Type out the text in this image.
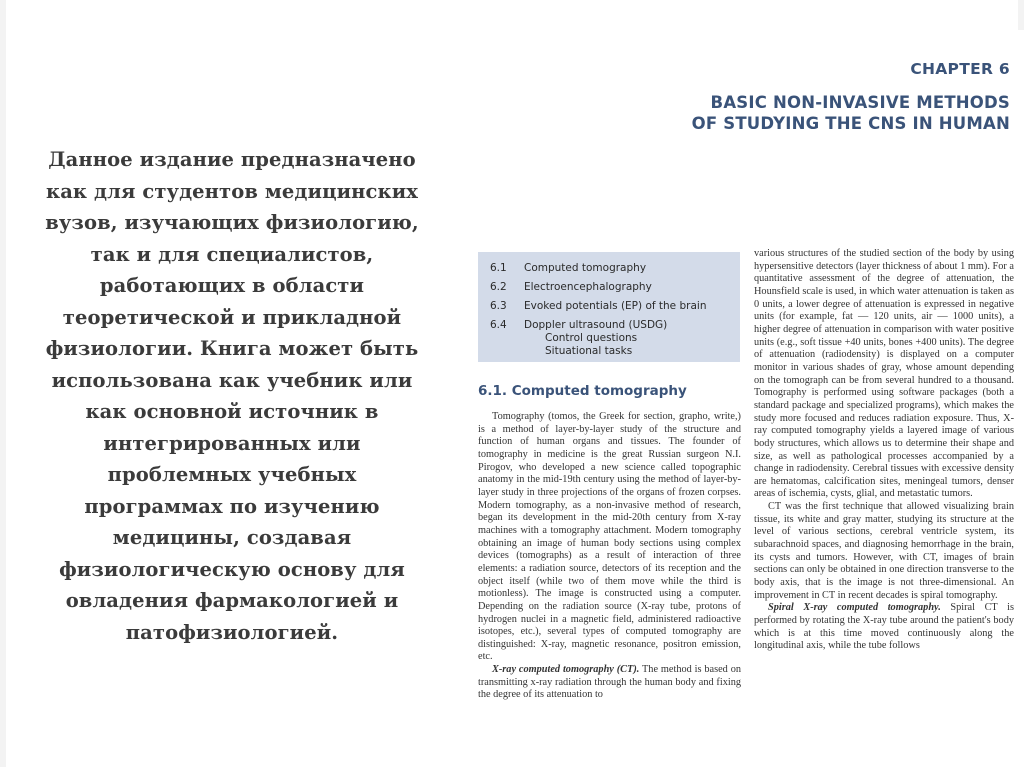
Данное издание предназначено
как для студентов медицинских
вузов, изучающих физиологию,
так и для специалистов,
работающих в области
теоретической и прикладной
физиологии. Книга может быть
использована как учебник или
как основной источник в
интегрированных или
проблемных учебных
программах по изучению
медицины, создавая
физиологическую основу для
овладения фармакологией и
патофизиологией.
CHAPTER 6
BASIC NON-INVASIVE METHODS
OF STUDYING THE CNS IN HUMAN
6.1 Computed tomography
6.2 Electroencephalography
6.3 Evoked potentials (EP) of the brain
6.4 Doppler ultrasound (USDG)
Control questions
Situational tasks
6.1. Computed tomography

Tomography (tomos, the Greek for section, grapho, write,) is a method of layer-by-layer study of the structure and function of human organs and tissues. The founder of tomography in medicine is the great Russian surgeon N.I. Pirogov, who developed a new science called topographic anatomy in the mid-19th century using the method of layer-by-layer study in three projections of the organs of frozen corpses. Modern tomography, as a non-invasive method of research, began its development in the mid-20th century from X-ray machines with a tomography attachment. Modern tomography obtaining an image of human body sections using complex devices (tomographs) as a result of interaction of three elements: a radiation source, detectors of its reception and the object itself (while two of them move while the third is motionless). The image is constructed using a computer. Depending on the radiation source (X-ray tube, protons of hydrogen nuclei in a magnetic field, administered radioactive isotopes, etc.), several types of computed tomography are distinguished: X-ray, magnetic resonance, positron emission, etc.

X-ray computed tomography (CT). The method is based on transmitting x-ray radiation through the human body and fixing the degree of its attenuation to

various structures of the studied section of the body by using hypersensitive detectors (layer thickness of about 1 mm). For a quantitative assessment of the degree of attenuation, the Hounsfield scale is used, in which water attenuation is taken as 0 units, a lower degree of attenuation is expressed in negative units (for example, fat — 120 units, air — 1000 units), a higher degree of attenuation in comparison with water positive units (e.g., soft tissue +40 units, bones +400 units). The degree of attenuation (radiodensity) is displayed on a computer monitor in various shades of gray, whose amount depending on the tomograph can be from several hundred to a thousand. Tomography is performed using software packages (both a standard package and specialized programs), which makes the study more focused and reduces radiation exposure. Thus, X-ray computed tomography yields a layered image of various body structures, which allows us to determine their shape and size, as well as pathological processes accompanied by a change in radiodensity. Cerebral tissues with excessive density are hematomas, calcification sites, meningeal tumors, denser areas of ischemia, cysts, glial, and metastatic tumors.

CT was the first technique that allowed visualizing brain tissue, its white and gray matter, studying its structure at the level of various sections, cerebral ventricle system, its subarachnoid spaces, and diagnosing hemorrhage in the brain, its cysts and tumors. However, with CT, images of brain sections can only be obtained in one direction transverse to the body axis, that is the image is not three-dimensional. An improvement in CT in recent decades is spiral tomography.

Spiral X-ray computed tomography. Spiral CT is performed by rotating the X-ray tube around the patient's body which is at this time moved continuously along the longitudinal axis, while the tube follows
